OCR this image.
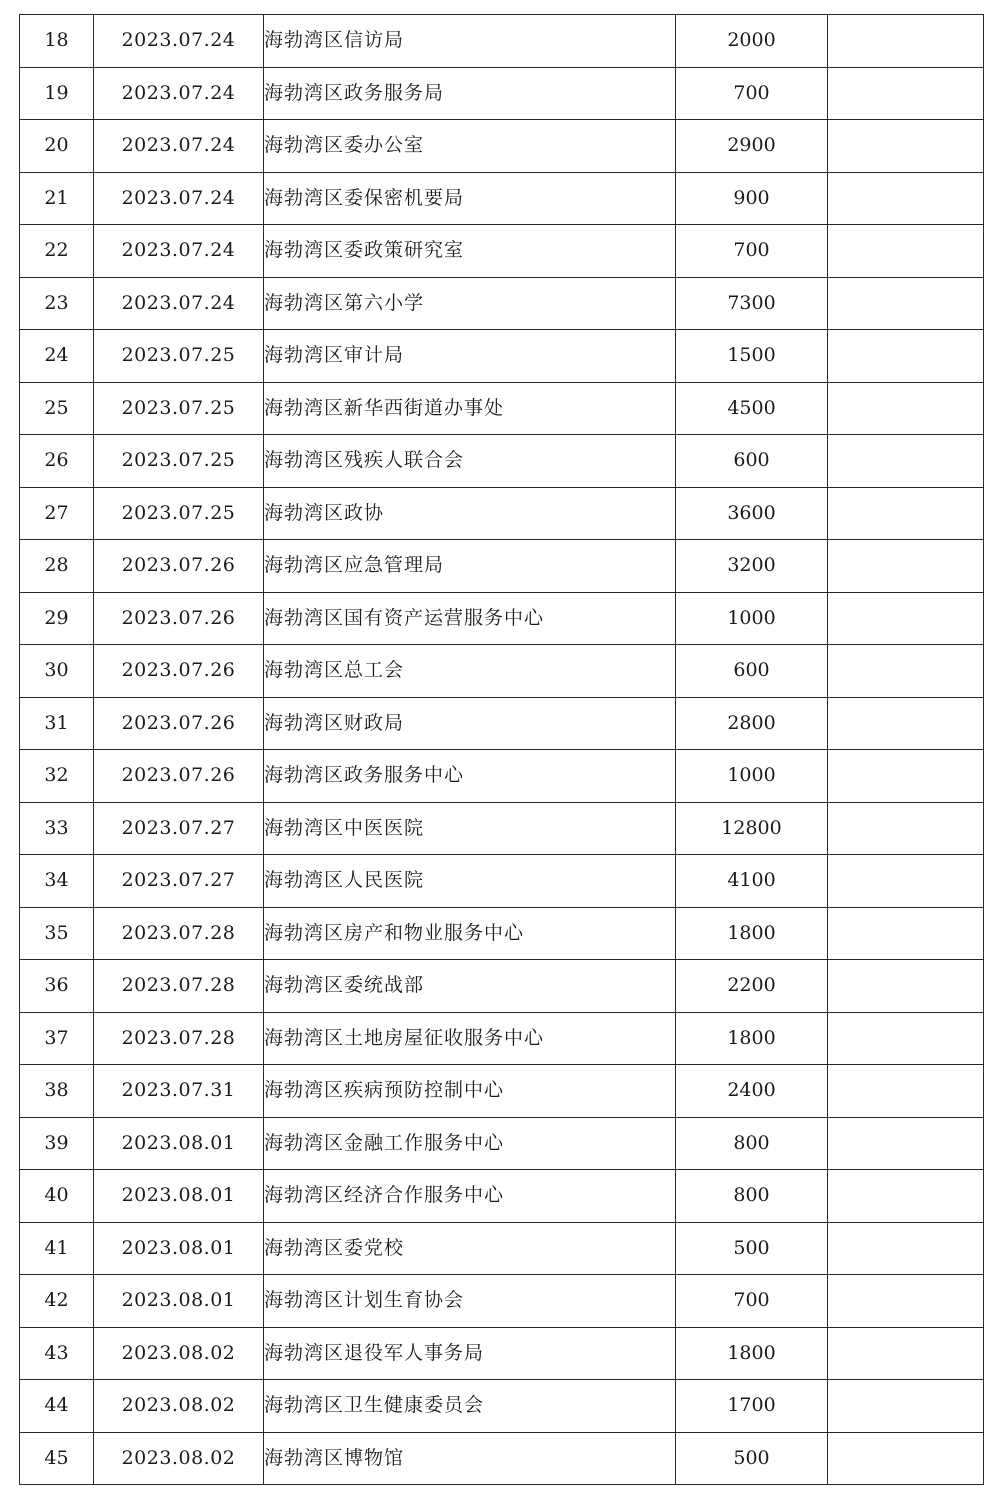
18	2023.07.24	海勃湾区信访局	2000	
19	2023.07.24	海勃湾区政务服务局	700	
20	2023.07.24	海勃湾区委办公室	2900	
21	2023.07.24	海勃湾区委保密机要局	900	
22	2023.07.24	海勃湾区委政策研究室	700	
23	2023.07.24	海勃湾区第六小学	7300	
24	2023.07.25	海勃湾区审计局	1500	
25	2023.07.25	海勃湾区新华西街道办事处	4500	
26	2023.07.25	海勃湾区残疾人联合会	600	
27	2023.07.25	海勃湾区政协	3600	
28	2023.07.26	海勃湾区应急管理局	3200	
29	2023.07.26	海勃湾区国有资产运营服务中心	1000	
30	2023.07.26	海勃湾区总工会	600	
31	2023.07.26	海勃湾区财政局	2800	
32	2023.07.26	海勃湾区政务服务中心	1000	
33	2023.07.27	海勃湾区中医医院	12800	
34	2023.07.27	海勃湾区人民医院	4100	
35	2023.07.28	海勃湾区房产和物业服务中心	1800	
36	2023.07.28	海勃湾区委统战部	2200	
37	2023.07.28	海勃湾区土地房屋征收服务中心	1800	
38	2023.07.31	海勃湾区疾病预防控制中心	2400	
39	2023.08.01	海勃湾区金融工作服务中心	800	
40	2023.08.01	海勃湾区经济合作服务中心	800	
41	2023.08.01	海勃湾区委党校	500	
42	2023.08.01	海勃湾区计划生育协会	700	
43	2023.08.02	海勃湾区退役军人事务局	1800	
44	2023.08.02	海勃湾区卫生健康委员会	1700	
45	2023.08.02	海勃湾区博物馆	500	
